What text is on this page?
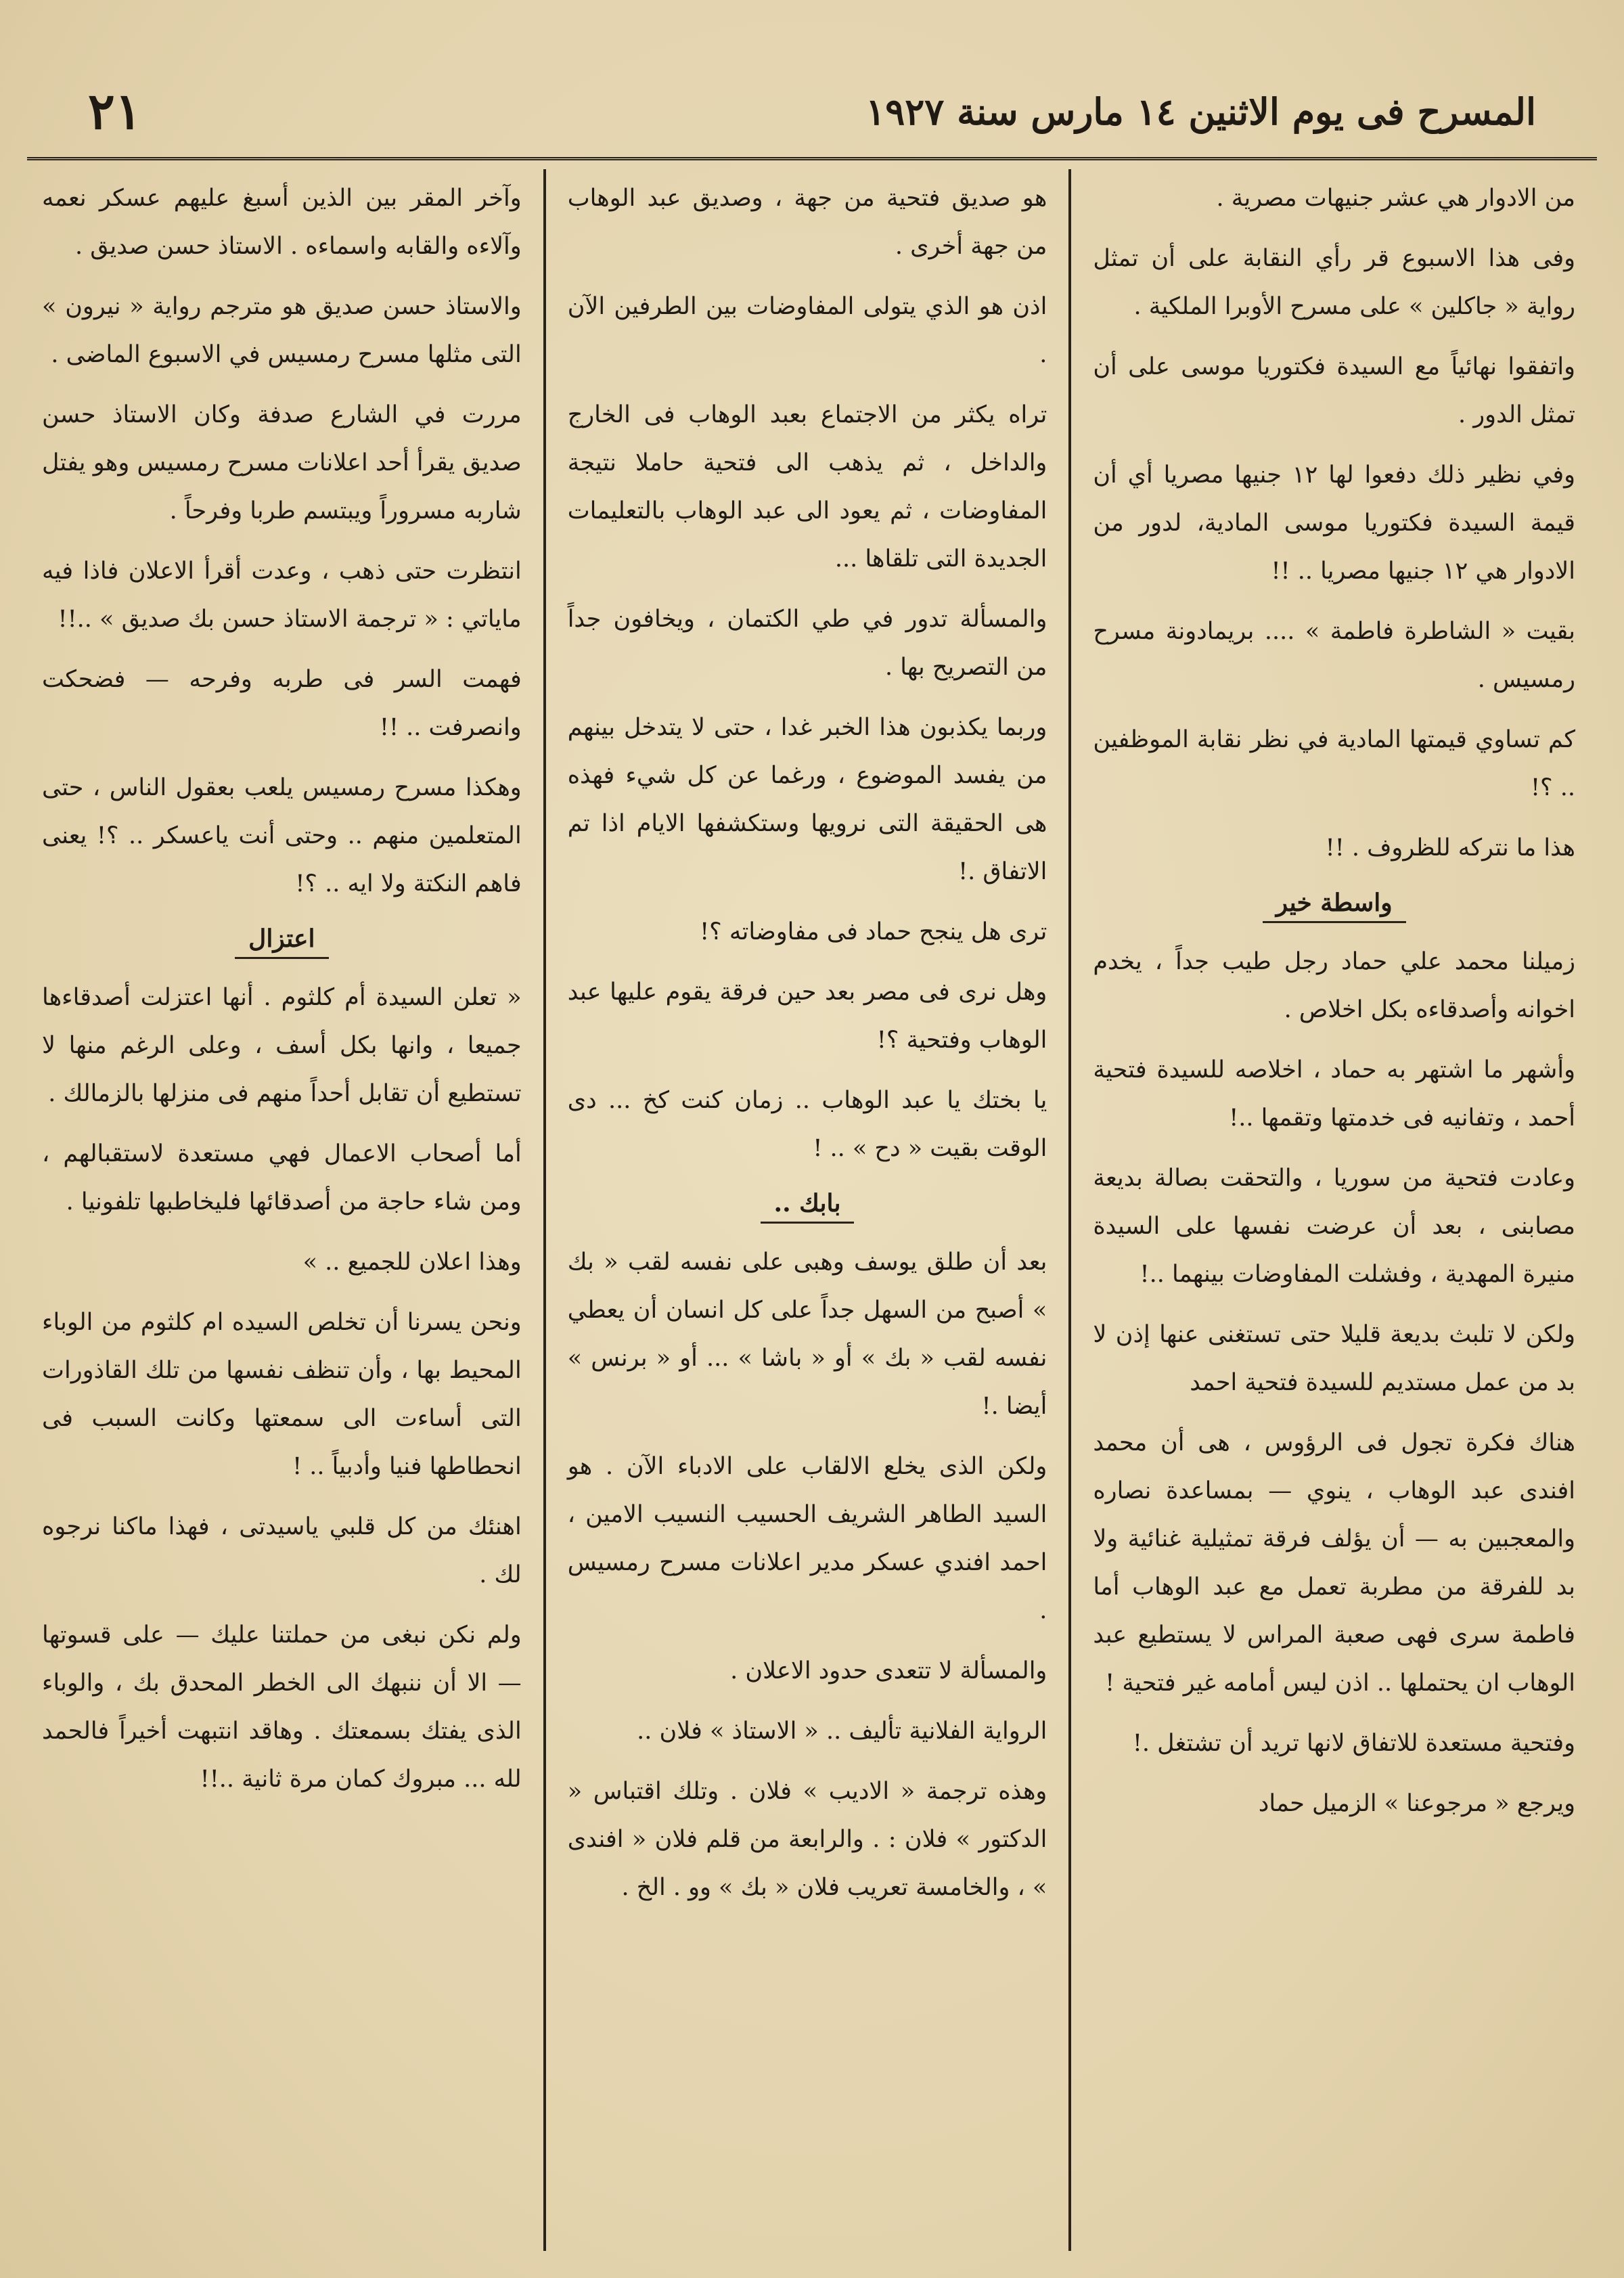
٢١	المسرح فى يوم الاثنين ١٤ مارس سنة ١٩٢٧

من الادوار هي عشر جنيهات مصرية .

وفى هذا الاسبوع قر رأي النقابة على أن تمثل رواية « جاكلين » على مسرح الأوبرا الملكية .

واتفقوا نهائياً مع السيدة فكتوريا موسى على أن تمثل الدور .

وفي نظير ذلك دفعوا لها ١٢ جنيها مصريا أي أن قيمة السيدة فكتوريا موسى المادية، لدور من الادوار هي ١٢ جنيها مصريا .. !!

بقيت « الشاطرة فاطمة » .... بريمادونة مسرح رمسيس .

كم تساوي قيمتها المادية في نظر نقابة الموظفين .. ؟!

هذا ما نتركه للظروف . !!

واسطة خير

زميلنا محمد علي حماد رجل طيب جداً ، يخدم اخوانه وأصدقاءه بكل اخلاص .

وأشهر ما اشتهر به حماد ، اخلاصه للسيدة فتحية أحمد ، وتفانيه فى خدمتها وتقمها ..!

وعادت فتحية من سوريا ، والتحقت بصالة بديعة مصابنى ، بعد أن عرضت نفسها على السيدة منيرة المهدية ، وفشلت المفاوضات بينهما ..!

ولكن لا تلبث بديعة قليلا حتى تستغنى عنها إذن لا بد من عمل مستديم للسيدة فتحية احمد

هناك فكرة تجول فى الرؤوس ، هى أن محمد افندى عبد الوهاب ، ينوي — بمساعدة نصاره والمعجبين به — أن يؤلف فرقة تمثيلية غنائية ولا بد للفرقة من مطربة تعمل مع عبد الوهاب أما فاطمة سرى فهى صعبة المراس لا يستطيع عبد الوهاب ان يحتملها .. اذن ليس أمامه غير فتحية !

وفتحية مستعدة للاتفاق لانها تريد أن تشتغل .!

ويرجع « مرجوعنا » الزميل حماد

هو صديق فتحية من جهة ، وصديق عبد الوهاب من جهة أخرى .

اذن هو الذي يتولى المفاوضات بين الطرفين الآن .

تراه يكثر من الاجتماع بعبد الوهاب فى الخارج والداخل ، ثم يذهب الى فتحية حاملا نتيجة المفاوضات ، ثم يعود الى عبد الوهاب بالتعليمات الجديدة التى تلقاها ...

والمسألة تدور في طي الكتمان ، ويخافون جداً من التصريح بها .

وربما يكذبون هذا الخبر غدا ، حتى لا يتدخل بينهم من يفسد الموضوع ، ورغما عن كل شيء فهذه هى الحقيقة التى نرويها وستكشفها الايام اذا تم الاتفاق .!

ترى هل ينجح حماد فى مفاوضاته ؟!

وهل نرى فى مصر بعد حين فرقة يقوم عليها عبد الوهاب وفتحية ؟!

يا بختك يا عبد الوهاب .. زمان كنت كخ ... دى الوقت بقيت « دح » .. !

بابك ..

بعد أن طلق يوسف وهبى على نفسه لقب « بك » أصبح من السهل جداً على كل انسان أن يعطي نفسه لقب « بك » أو « باشا » ... أو « برنس » أيضا .!

ولكن الذى يخلع الالقاب على الادباء الآن . هو السيد الطاهر الشريف الحسيب النسيب الامين ، احمد افندي عسكر مدير اعلانات مسرح رمسيس .

والمسألة لا تتعدى حدود الاعلان .

الرواية الفلانية تأليف .. « الاستاذ » فلان ..

وهذه ترجمة « الاديب » فلان . وتلك اقتباس « الدكتور » فلان : . والرابعة من قلم فلان « افندى » ، والخامسة تعريب فلان « بك » وو . الخ .

وآخر المقر بين الذين أسبغ عليهم عسكر نعمه وآلاءه والقابه واسماءه . الاستاذ حسن صديق .

والاستاذ حسن صديق هو مترجم رواية « نيرون » التى مثلها مسرح رمسيس في الاسبوع الماضى .

مررت في الشارع صدفة وكان الاستاذ حسن صديق يقرأ أحد اعلانات مسرح رمسيس وهو يفتل شاربه مسروراً ويبتسم طربا وفرحاً .

انتظرت حتى ذهب ، وعدت أقرأ الاعلان فاذا فيه ماياتي : « ترجمة الاستاذ حسن بك صديق » ..!!

فهمت السر فى طربه وفرحه — فضحكت وانصرفت .. !!

وهكذا مسرح رمسيس يلعب بعقول الناس ، حتى المتعلمين منهم .. وحتى أنت ياعسكر .. ؟! يعنى فاهم النكتة ولا ايه .. ؟!

اعتزال

« تعلن السيدة أم كلثوم . أنها اعتزلت أصدقاءها جميعا ، وانها بكل أسف ، وعلى الرغم منها لا تستطيع أن تقابل أحداً منهم فى منزلها بالزمالك .

أما أصحاب الاعمال فهي مستعدة لاستقبالهم ، ومن شاء حاجة من أصدقائها فليخاطبها تلفونيا .

وهذا اعلان للجميع .. »

ونحن يسرنا أن تخلص السيده ام كلثوم من الوباء المحيط بها ، وأن تنظف نفسها من تلك القاذورات التى أساءت الى سمعتها وكانت السبب فى انحطاطها فنيا وأدبياً .. !

اهنئك من كل قلبي ياسيدتى ، فهذا ماكنا نرجوه لك .

ولم نكن نبغى من حملتنا عليك — على قسوتها — الا أن ننبهك الى الخطر المحدق بك ، والوباء الذى يفتك بسمعتك . وهاقد انتبهت أخيراً فالحمد لله ... مبروك كمان مرة ثانية ..!!
